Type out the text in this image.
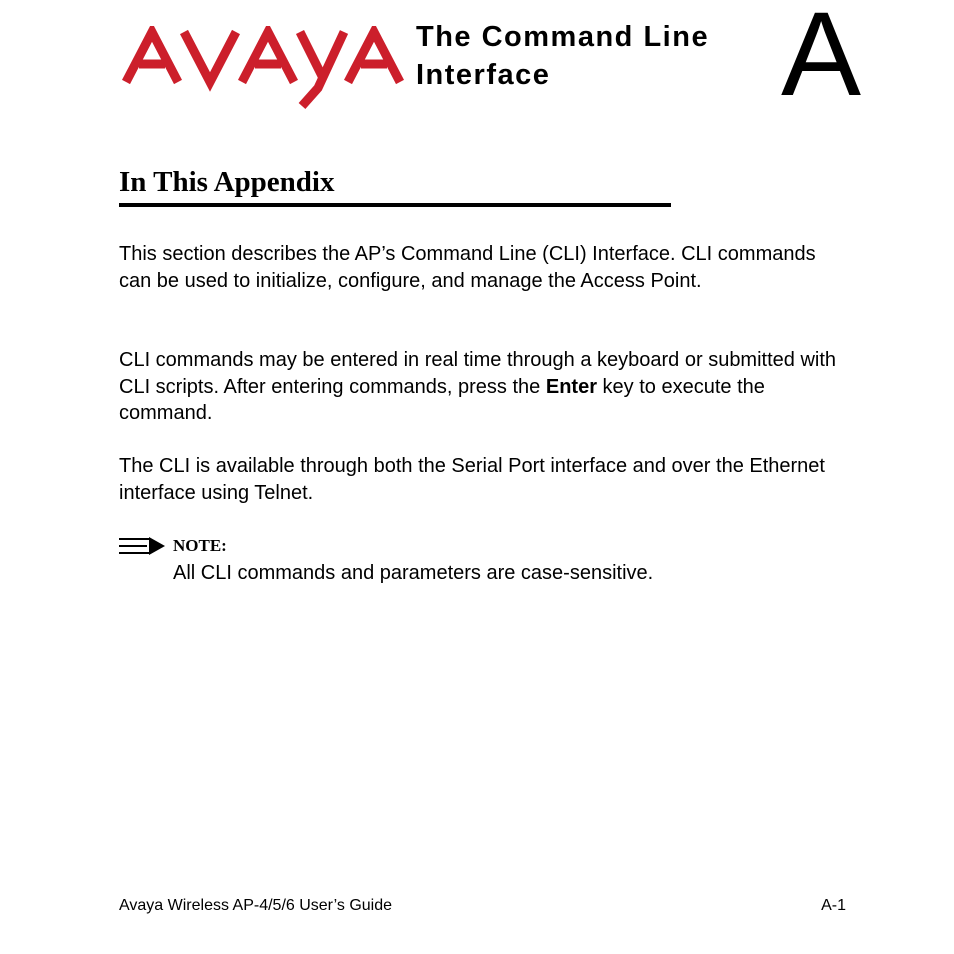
The Command Line
Interface	A
In This Appendix
This section describes the AP’s Command Line (CLI) Interface. CLI commands can be used to initialize, configure, and manage the Access Point.
CLI commands may be entered in real time through a keyboard or submitted with CLI scripts. After entering commands, press the Enter key to execute the command.
The CLI is available through both the Serial Port interface and over the Ethernet interface using Telnet.
NOTE:
All CLI commands and parameters are case-sensitive.
Avaya Wireless AP-4/5/6 User’s Guide	A-1
